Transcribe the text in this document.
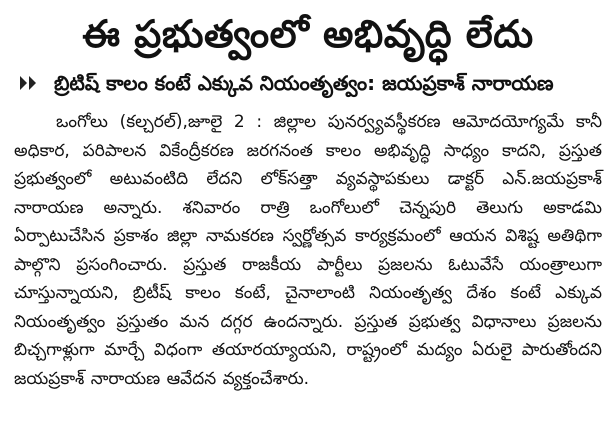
ఈ ప్రభుత్వంలో అభివృద్ధి లేదు
బ్రిటిష్ కాలం కంటే ఎక్కువ నియంతృత్వం: జయప్రకాశ్ నారాయణ

ఒంగోలు (కల్చరల్),జూలై 2 : జిల్లాల పునర్వ్యవస్థీకరణ ఆమోదయోగ్యమే కానీ అధికార, పరిపాలన వికేంద్రీకరణ జరగనంత కాలం అభివృద్ధి సాధ్యం కాదని, ప్రస్తుత ప్రభుత్వంలో అటువంటిది లేదని లోక్‌సత్తా వ్యవస్థాపకులు డాక్టర్ ఎన్.జయప్రకాశ్ నారాయణ అన్నారు. శనివారం రాత్రి ఒంగోలులో చెన్నపురి తెలుగు అకాడమి ఏర్పాటుచేసిన ప్రకాశం జిల్లా నామకరణ స్వర్ణోత్సవ కార్యక్రమంలో ఆయన విశిష్ట అతిథిగా పాల్గొని ప్రసంగించారు. ప్రస్తుత రాజకీయ పార్టీలు ప్రజలను ఓటువేసే యంత్రాలుగా చూస్తున్నాయని, బ్రిటీష్ కాలం కంటే, చైనాలాంటి నియంతృత్వ దేశం కంటే ఎక్కువ నియంతృత్వం ప్రస్తుతం మన దగ్గర ఉందన్నారు. ప్రస్తుత ప్రభుత్వ విధానాలు ప్రజలను బిచ్చగాళ్లుగా మార్చే విధంగా తయారయ్యాయని, రాష్ట్రంలో మద్యం ఏరులై పారుతోందని జయప్రకాశ్ నారాయణ ఆవేదన వ్యక్తంచేశారు.
